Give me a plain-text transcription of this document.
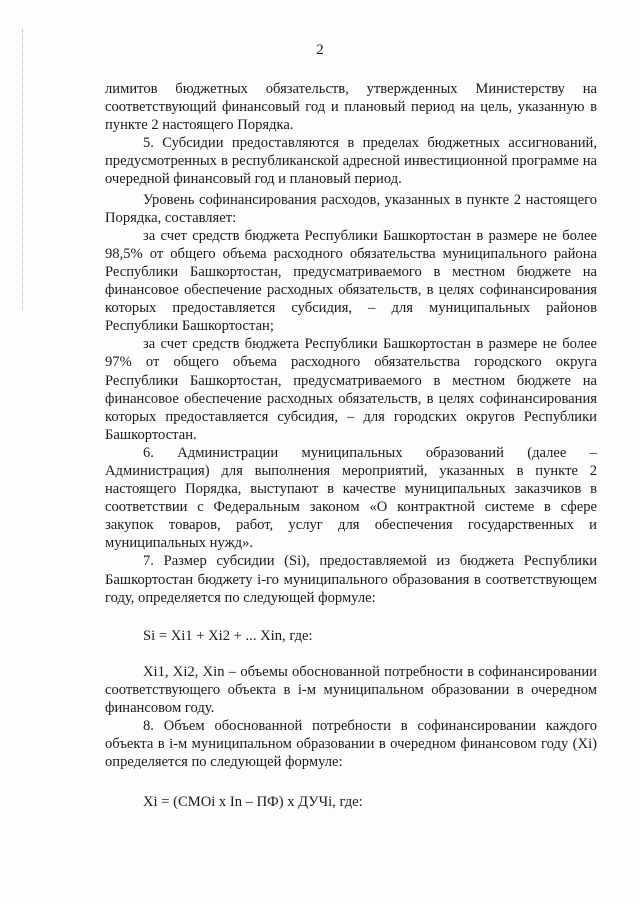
2

лимитов бюджетных обязательств, утвержденных Министерству на соответствующий финансовый год и плановый период на цель, указанную в пункте 2 настоящего Порядка.

5. Субсидии предоставляются в пределах бюджетных ассигнований, предусмотренных в республиканской адресной инвестиционной программе на очередной финансовый год и плановый период.

Уровень софинансирования расходов, указанных в пункте 2 настоящего Порядка, составляет:

за счет средств бюджета Республики Башкортостан в размере не более 98,5% от общего объема расходного обязательства муниципального района Республики Башкортостан, предусматриваемого в местном бюджете на финансовое обеспечение расходных обязательств, в целях софинансирования которых предоставляется субсидия, – для муниципальных районов Республики Башкортостан;

за счет средств бюджета Республики Башкортостан в размере не более 97% от общего объема расходного обязательства городского округа Республики Башкортостан, предусматриваемого в местном бюджете на финансовое обеспечение расходных обязательств, в целях софинансирования которых предоставляется субсидия, – для городских округов Республики Башкортостан.

6. Администрации муниципальных образований (далее – Администрация) для выполнения мероприятий, указанных в пункте 2 настоящего Порядка, выступают в качестве муниципальных заказчиков в соответствии с Федеральным законом «О контрактной системе в сфере закупок товаров, работ, услуг для обеспечения государственных и муниципальных нужд».

7. Размер субсидии (Si), предоставляемой из бюджета Республики Башкортостан бюджету i-го муниципального образования в соответствующем году, определяется по следующей формуле:

Si = Xi1 + Xi2 + ... Xin, где:

Xi1, Xi2, Xin – объемы обоснованной потребности в софинансировании соответствующего объекта в i-м муниципальном образовании в очередном финансовом году.

8. Объем обоснованной потребности в софинансировании каждого объекта в i-м муниципальном образовании в очередном финансовом году (Xi) определяется по следующей формуле:

Xi = (СМОi x In – ПФ) x ДУЧi, где:
